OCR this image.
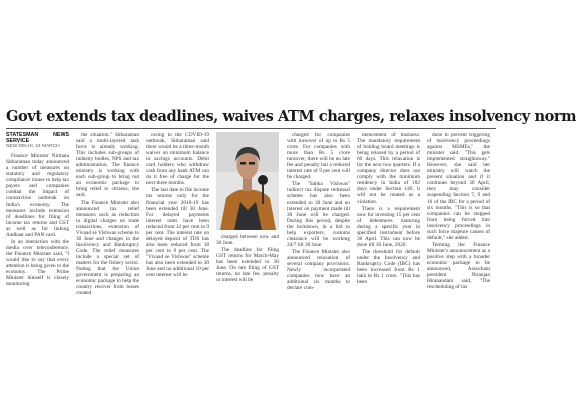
Govt extends tax deadlines, waives ATM charges, relaxes insolvency norm
STATESMAN NEWS SERVICE
NEW DELHI, 24 MARCH

Finance Minister Nirmala Sitharaman today announced a number of measures on statutory and regulatory compliance issues to help tax payers and companies combat the impact of coronavirus outbreak on India's economy. The measures include extension of deadlines for filing of income tax returns and GST as well as for linking Aadhaar and PAN card.

In an interaction with the media over teleconference, the Finance Minister said, "I would like to say that every attention is being given to the economy. The Prime Minister himself is closely monitoring

the situation." Sitharaman said a multi-layered task force is already working. This includes sub-groups of industry bodies, NPS and tax administration. The finance ministry is working with each sub-group to bring out an economic package to bring relief to citizens, she said.

The Finance Minister also announced tax relief measures such as reduction in digital charges on trade transactions, extension of Vivaad se Vishwas scheme to 30 June and changes in the Insolvency and Bankruptcy Code. The relief measures include a special set of matters for the fishery sector. Noting that the Union government is preparing an economic package to help the country recover from losses created

owing to the COVID-19 outbreak, Sitharaman said there would be a three-month waiver on minimum balance in savings accounts. Debit card holders who withdraw cash from any bank ATM can do it free of charge for the next three months.

The last date to file income tax returns only for the financial year 2018-19 has been extended till 30 June. For delayed payments interest rates have been reduced from 12 per cent to 9 per cent. The interest rate on delayed deposit of TDS has also been reduced from 18 per cent to 9 per cent. The "Vivaad se Vishwas" scheme has also been extended to 30 June and no additional 10 per cent interest will be

charged between now and 30 June.

The deadline for filing GST returns for March-May has been extended to 30 June. On late filing of GST returns, no late fee, penalty or interest will be

charged for companies with turnover of up to Rs 5 crore. For companies with more than Rs 5 crore turnover, there will be no late fee and penalty but a reduced interest rate of 9 per cent will be charged.

The "Sabka Vishwas" indirect tax dispute redressal scheme has also been extended to 30 June and no interest on payment made till 30 June will be charged. During this period, despite the lockdown, in a bid to help exporters, customs clearance will be working 24/7 till 30 June.

The Finance Minister also announced relaxation of several company provisions. Newly incorporated companies now have an additional six months to declare com-

mencement of business. The mandatory requirement of holding board meetings is being relaxed by a period of 60 days. This relaxation is for the next two quarters. If a company director does not comply with the minimum residency in India of 182 days under Section 149, it will not be treated as a violation.

There is a requirement now for investing 15 per cent of debentures maturing during a specific year in specified instrument before 30 April. This can now be done till 30 June, 2020.

The threshold for default under the Insolvency and Bankruptcy Code (IBC) has been increased from Rs 1 lakh to Rs 1 crore. "This has been

done to prevent triggering of insolvency proceedings against MSMEs," the minister said. "This gets implemented straightaway." However, she said her ministry will watch the present situation and if it continues beyond 30 April, they may consider suspending Section 7, 9 and 10 of the IBC for a period of six months. "This is so that companies can be stopped from being forced into insolvency proceedings in such force majeure causes of default," she added.

Terming the Finance Minister's announcement as a positive step with a broader economic package to be announced, Assocham president Niranjan Hiranandani said, "The rescheduling of tax
